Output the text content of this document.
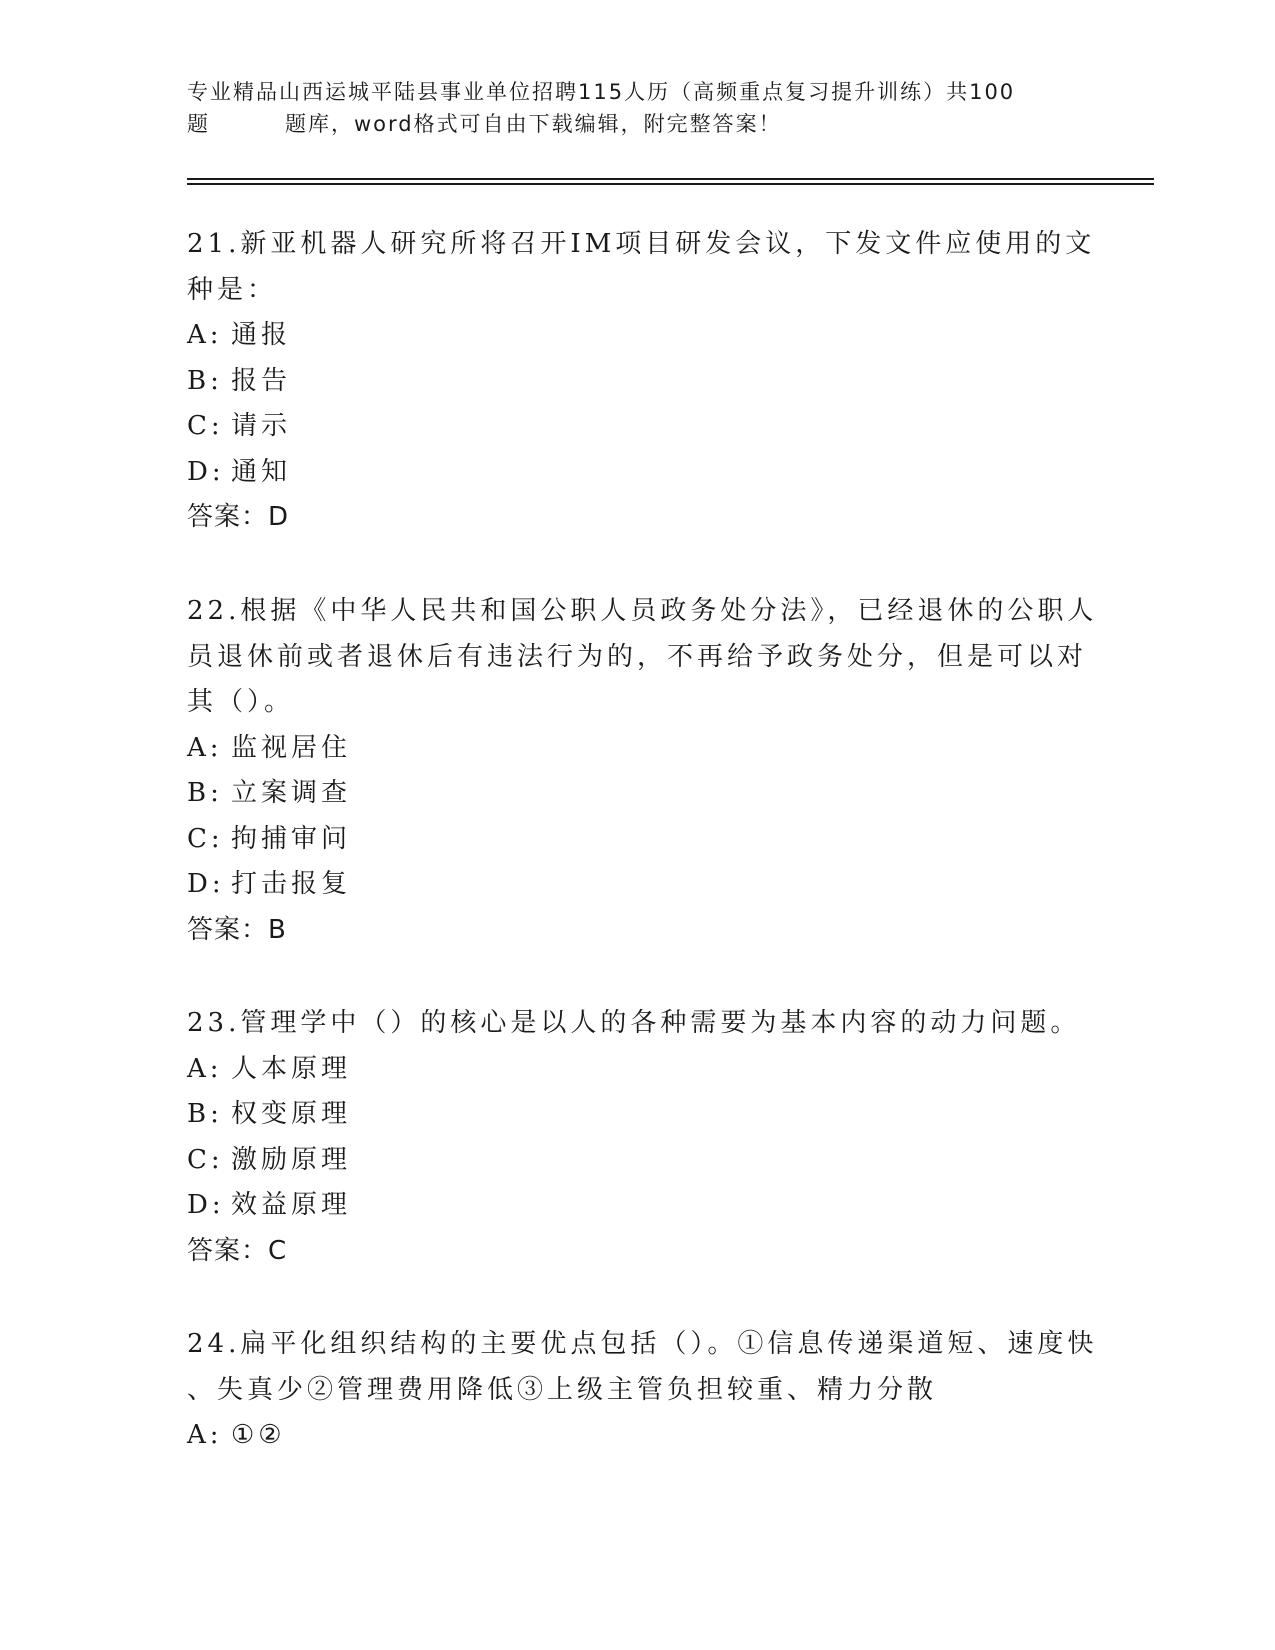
专业精品山西运城平陆县事业单位招聘115人历（高频重点复习提升训练）共100
题	题库，word格式可自由下载编辑，附完整答案！
21.新亚机器人研究所将召开IM项目研发会议，下发文件应使用的文
种是：
A: 通报
B: 报告
C: 请示
D: 通知
答案：D
22.根据《中华人民共和国公职人员政务处分法》，已经退休的公职人
员退休前或者退休后有违法行为的，不再给予政务处分，但是可以对
其（）。
A: 监视居住
B: 立案调查
C: 拘捕审问
D: 打击报复
答案：B
23.管理学中（）的核心是以人的各种需要为基本内容的动力问题。
A: 人本原理
B: 权变原理
C: 激励原理
D: 效益原理
答案：C
24.扁平化组织结构的主要优点包括（）。①信息传递渠道短、速度快
、失真少②管理费用降低③上级主管负担较重、精力分散
A: ①②
